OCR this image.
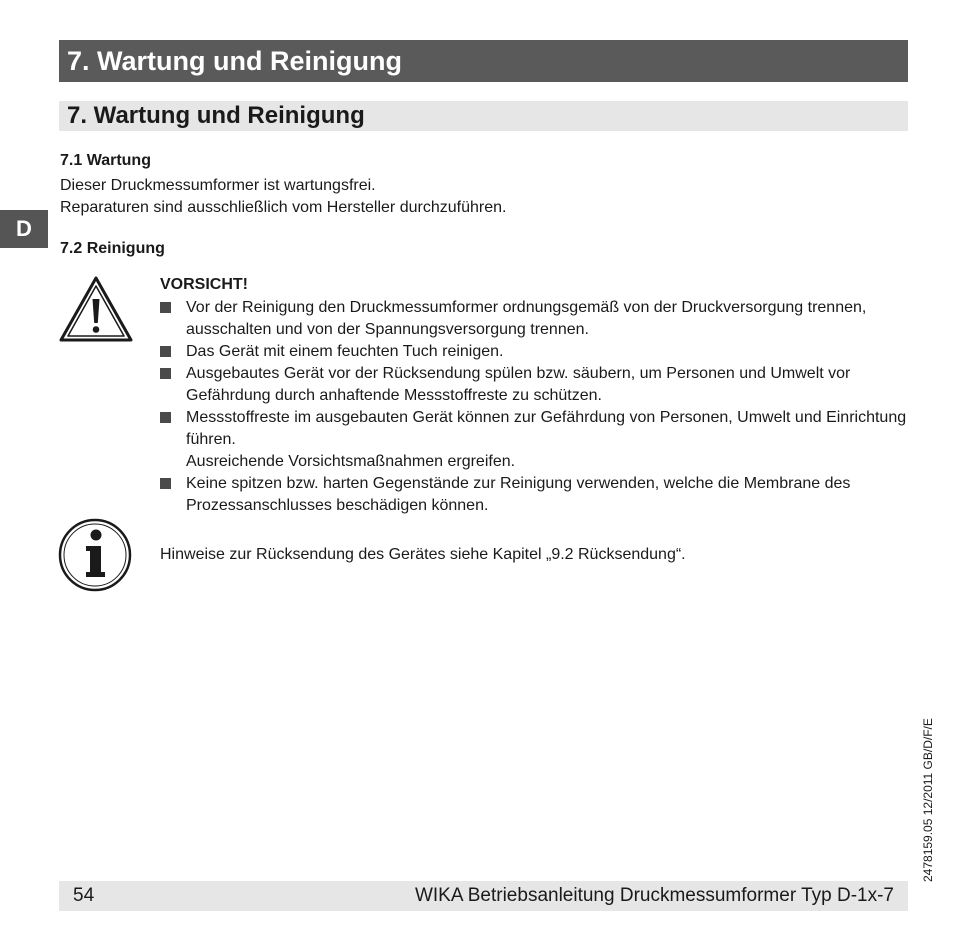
7. Wartung und Reinigung
7. Wartung und Reinigung
D
7.1 Wartung
Dieser Druckmessumformer ist wartungsfrei.
Reparaturen sind ausschließlich vom Hersteller durchzuführen.
7.2 Reinigung
VORSICHT!
Vor der Reinigung den Druckmessumformer ordnungsgemäß von der Druckversorgung trennen, ausschalten und von der Spannungsversorgung trennen.
Das Gerät mit einem feuchten Tuch reinigen.
Ausgebautes Gerät vor der Rücksendung spülen bzw. säubern, um Personen und Umwelt vor Gefährdung durch anhaftende Messstoffreste zu schützen.
Messstoffreste im ausgebauten Gerät können zur Gefährdung von Personen, Umwelt und Einrichtung führen.
Ausreichende Vorsichtsmaßnahmen ergreifen.
Keine spitzen bzw. harten Gegenstände zur Reinigung verwenden, welche die Membrane des Prozessanschlusses beschädigen können.
Hinweise zur Rücksendung des Gerätes siehe Kapitel „9.2 Rücksendung“.
2478159.05 12/2011 GB/D/F/E
54	WIKA Betriebsanleitung Druckmessumformer Typ D-1x-7
